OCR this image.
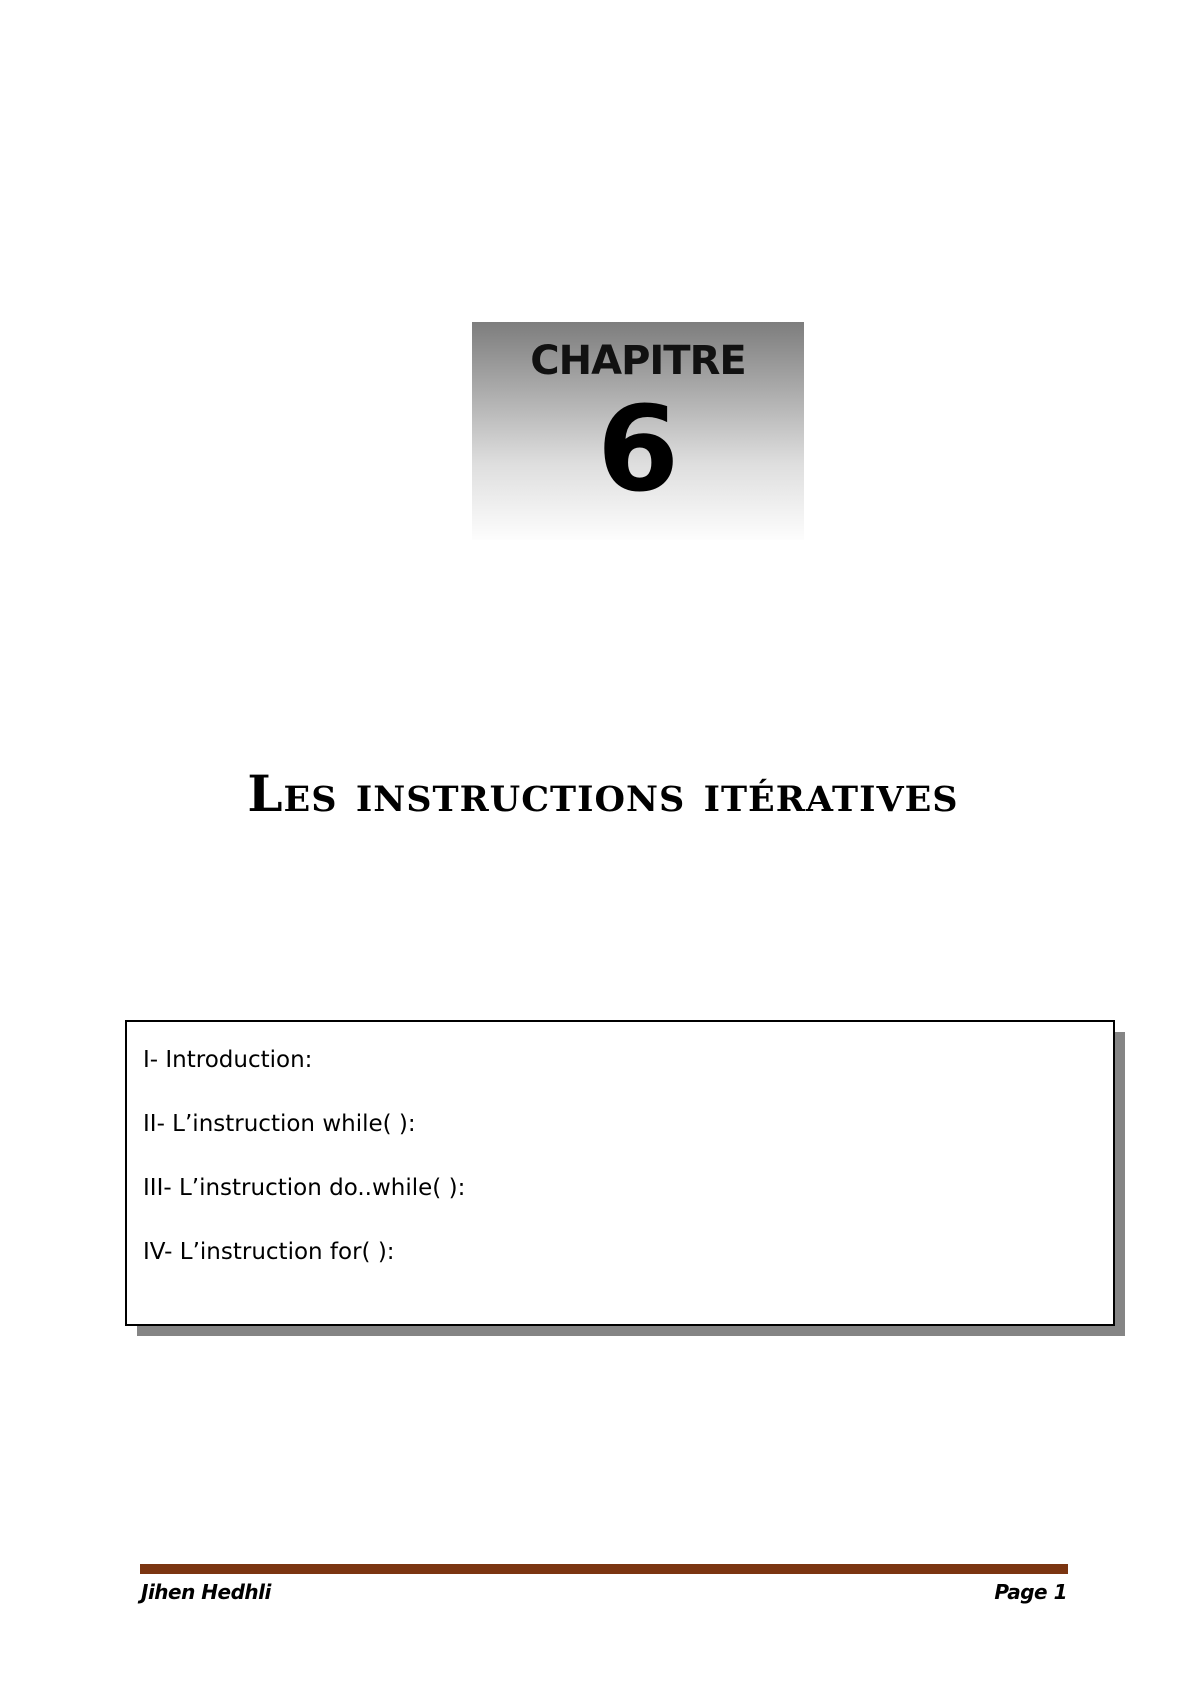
CHAPITRE
6
Les instructions itératives
I- Introduction:
II- L’instruction while( ):
III- L’instruction do..while( ):
IV- L’instruction for( ):
Jihen Hedhli	Page 1
